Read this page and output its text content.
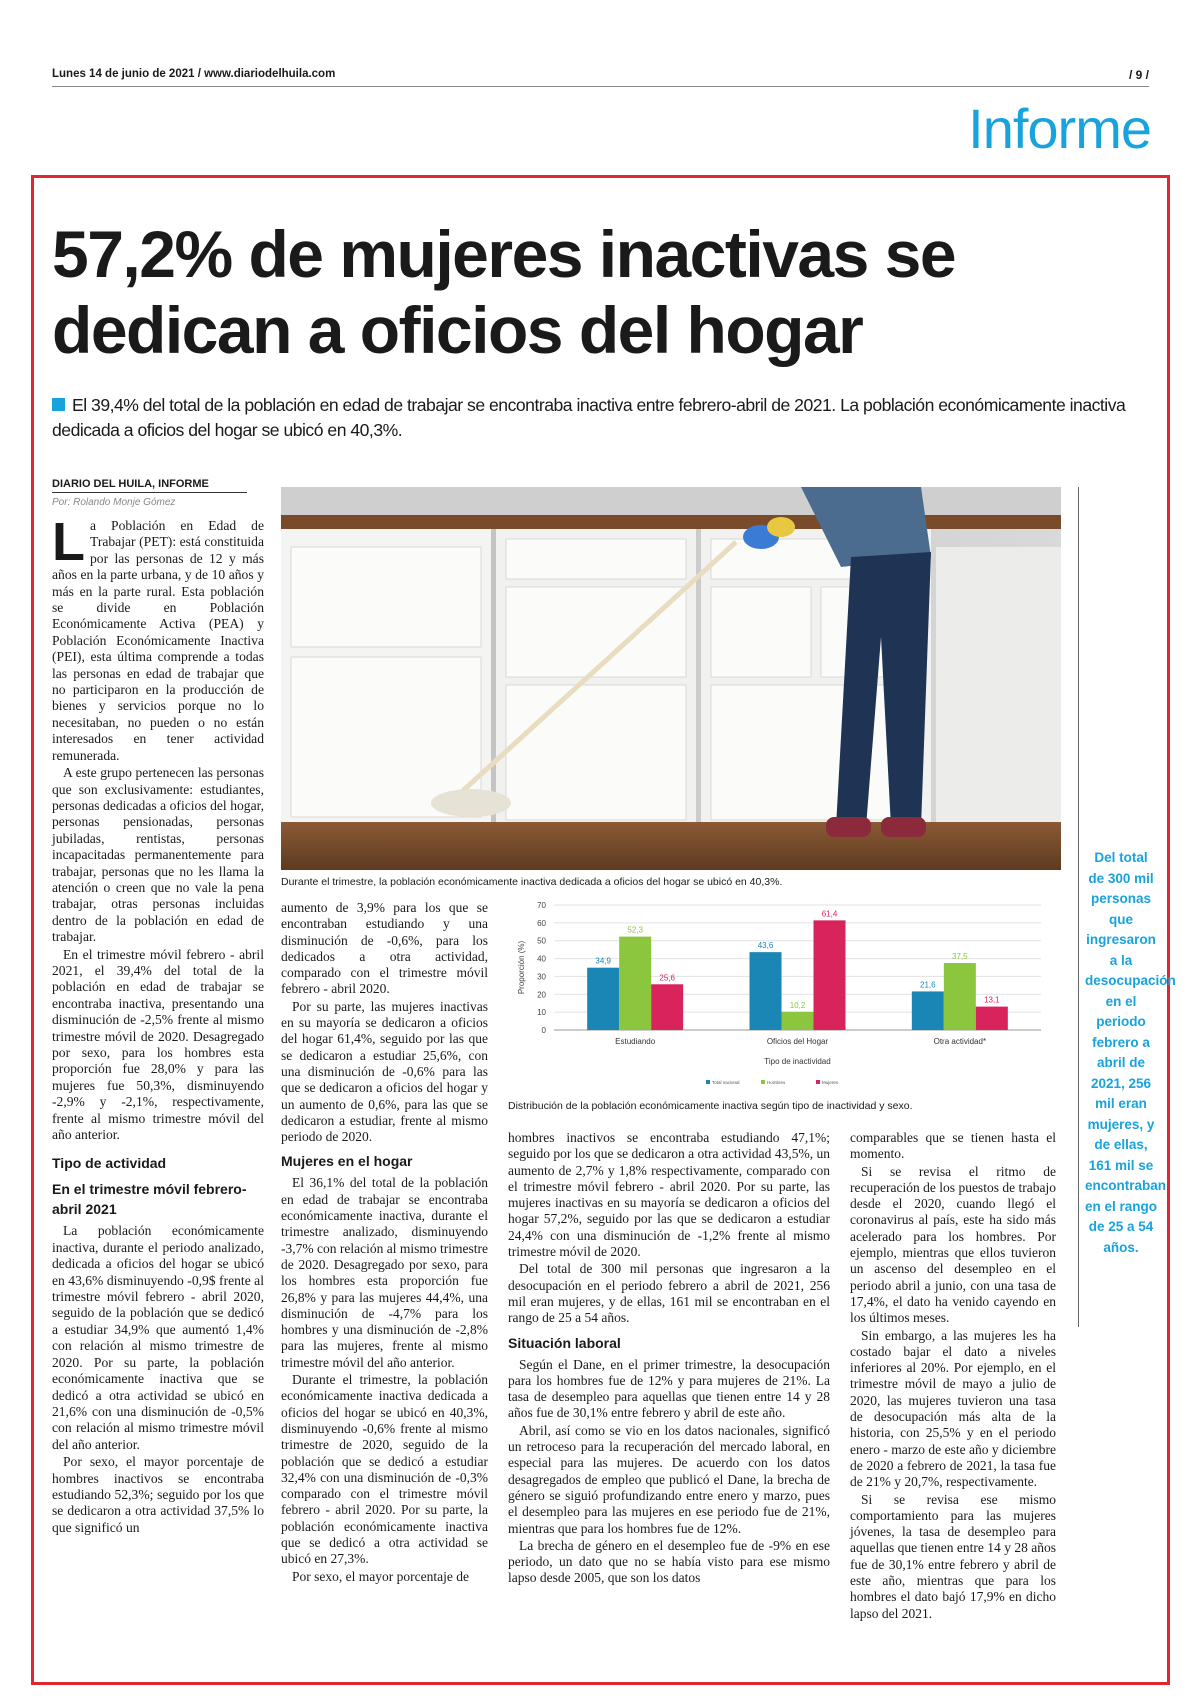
Lunes 14 de junio de 2021 / www.diariodelhuila.com	/ 9 /
Informe
57,2% de mujeres inactivas se dedican a oficios del hogar
El 39,4% del total de la población en edad de trabajar se encontraba inactiva entre febrero-abril de 2021. La población económicamente inactiva dedicada a oficios del hogar se ubicó en 40,3%.
DIARIO DEL HUILA, INFORME
Por: Rolando Monje Gómez

La Población en Edad de Trabajar (PET): está constituida por las personas de 12 y más años en la parte urbana, y de 10 años y más en la parte rural. Esta población se divide en Población Económicamente Activa (PEA) y Población Económicamente Inactiva (PEI), esta última comprende a todas las personas en edad de trabajar que no participaron en la producción de bienes y servicios porque no lo necesitaban, no pueden o no están interesados en tener actividad remunerada.

A este grupo pertenecen las personas que son exclusivamente: estudiantes, personas dedicadas a oficios del hogar, personas pensionadas, personas jubiladas, rentistas, personas incapacitadas permanentemente para trabajar, personas que no les llama la atención o creen que no vale la pena trabajar, otras personas incluidas dentro de la población en edad de trabajar.

En el trimestre móvil febrero - abril 2021, el 39,4% del total de la población en edad de trabajar se encontraba inactiva, presentando una disminución de -2,5% frente al mismo trimestre móvil de 2020. Desagregado por sexo, para los hombres esta proporción fue 28,0% y para las mujeres fue 50,3%, disminuyendo -2,9% y -2,1%, respectivamente, frente al mismo trimestre móvil del año anterior.

Tipo de actividad
En el trimestre móvil febrero- abril 2021

La población económicamente inactiva, durante el periodo analizado, dedicada a oficios del hogar se ubicó en 43,6% disminuyendo -0,9$ frente al trimestre móvil febrero - abril 2020, seguido de la población que se dedicó a estudiar 34,9% que aumentó 1,4% con relación al mismo trimestre de 2020. Por su parte, la población económicamente inactiva que se dedicó a otra actividad se ubicó en 21,6% con una disminución de -0,5% con relación al mismo trimestre móvil del año anterior.

Por sexo, el mayor porcentaje de hombres inactivos se encontraba estudiando 52,3%; seguido por los que se dedicaron a otra actividad 37,5% lo que significó un

Durante el trimestre, la población económicamente inactiva dedicada a oficios del hogar se ubicó en 40,3%.
0
10
20
30
40
50
60
70
Proporción (%)	34,9
52,3
25,6
Estudiando
43,6
10,2
61,4
Oficios del Hogar
21,6
37,5
13,1
Otra actividad*
Tipo de inactividad
Total nacional	Hombres	Mujeres
Distribución de la población económicamente inactiva según tipo de inactividad y sexo.

aumento de 3,9% para los que se encontraban estudiando y una disminución de -0,6%, para los dedicados a otra actividad, comparado con el trimestre móvil febrero - abril 2020.

Por su parte, las mujeres inactivas en su mayoría se dedicaron a oficios del hogar 61,4%, seguido por las que se dedicaron a estudiar 25,6%, con una disminución de -0,6% para las que se dedicaron a oficios del hogar y un aumento de 0,6%, para las que se dedicaron a estudiar, frente al mismo periodo de 2020.

Mujeres en el hogar

El 36,1% del total de la población en edad de trabajar se encontraba económicamente inactiva, durante el trimestre analizado, disminuyendo -3,7% con relación al mismo trimestre de 2020. Desagregado por sexo, para los hombres esta proporción fue 26,8% y para las mujeres 44,4%, una disminución de -4,7% para los hombres y una disminución de -2,8% para las mujeres, frente al mismo trimestre móvil del año anterior.

Durante el trimestre, la población económicamente inactiva dedicada a oficios del hogar se ubicó en 40,3%, disminuyendo -0,6% frente al mismo trimestre de 2020, seguido de la población que se dedicó a estudiar 32,4% con una disminución de -0,3% comparado con el trimestre móvil febrero - abril 2020. Por su parte, la población económicamente inactiva que se dedicó a otra actividad se ubicó en 27,3%.

Por sexo, el mayor porcentaje de

hombres inactivos se encontraba estudiando 47,1%; seguido por los que se dedicaron a otra actividad 43,5%, un aumento de 2,7% y 1,8% respectivamente, comparado con el trimestre móvil febrero - abril 2020. Por su parte, las mujeres inactivas en su mayoría se dedicaron a oficios del hogar 57,2%, seguido por las que se dedicaron a estudiar 24,4% con una disminución de -1,2% frente al mismo trimestre móvil de 2020.

Del total de 300 mil personas que ingresaron a la desocupación en el periodo febrero a abril de 2021, 256 mil eran mujeres, y de ellas, 161 mil se encontraban en el rango de 25 a 54 años.

Situación laboral

Según el Dane, en el primer trimestre, la desocupación para los hombres fue de 12% y para mujeres de 21%. La tasa de desempleo para aquellas que tienen entre 14 y 28 años fue de 30,1% entre febrero y abril de este año.

Abril, así como se vio en los datos nacionales, significó un retroceso para la recuperación del mercado laboral, en especial para las mujeres. De acuerdo con los datos desagregados de empleo que publicó el Dane, la brecha de género se siguió profundizando entre enero y marzo, pues el desempleo para las mujeres en ese periodo fue de 21%, mientras que para los hombres fue de 12%.

La brecha de género en el desempleo fue de -9% en ese periodo, un dato que no se había visto para ese mismo lapso desde 2005, que son los datos

comparables que se tienen hasta el momento.

Si se revisa el ritmo de recuperación de los puestos de trabajo desde el 2020, cuando llegó el coronavirus al país, este ha sido más acelerado para los hombres. Por ejemplo, mientras que ellos tuvieron un ascenso del desempleo en el periodo abril a junio, con una tasa de 17,4%, el dato ha venido cayendo en los últimos meses.

Sin embargo, a las mujeres les ha costado bajar el dato a niveles inferiores al 20%. Por ejemplo, en el trimestre móvil de mayo a julio de 2020, las mujeres tuvieron una tasa de desocupación más alta de la historia, con 25,5% y en el periodo enero - marzo de este año y diciembre de 2020 a febrero de 2021, la tasa fue de 21% y 20,7%, respectivamente.

Si se revisa ese mismo comportamiento para las mujeres jóvenes, la tasa de desempleo para aquellas que tienen entre 14 y 28 años fue de 30,1% entre febrero y abril de este año, mientras que para los hombres el dato bajó 17,9% en dicho lapso del 2021.

Del total de 300 mil personas que ingresaron a la desocupación en el periodo febrero a abril de 2021, 256 mil eran mujeres, y de ellas, 161 mil se encontraban en el rango de 25 a 54 años.
